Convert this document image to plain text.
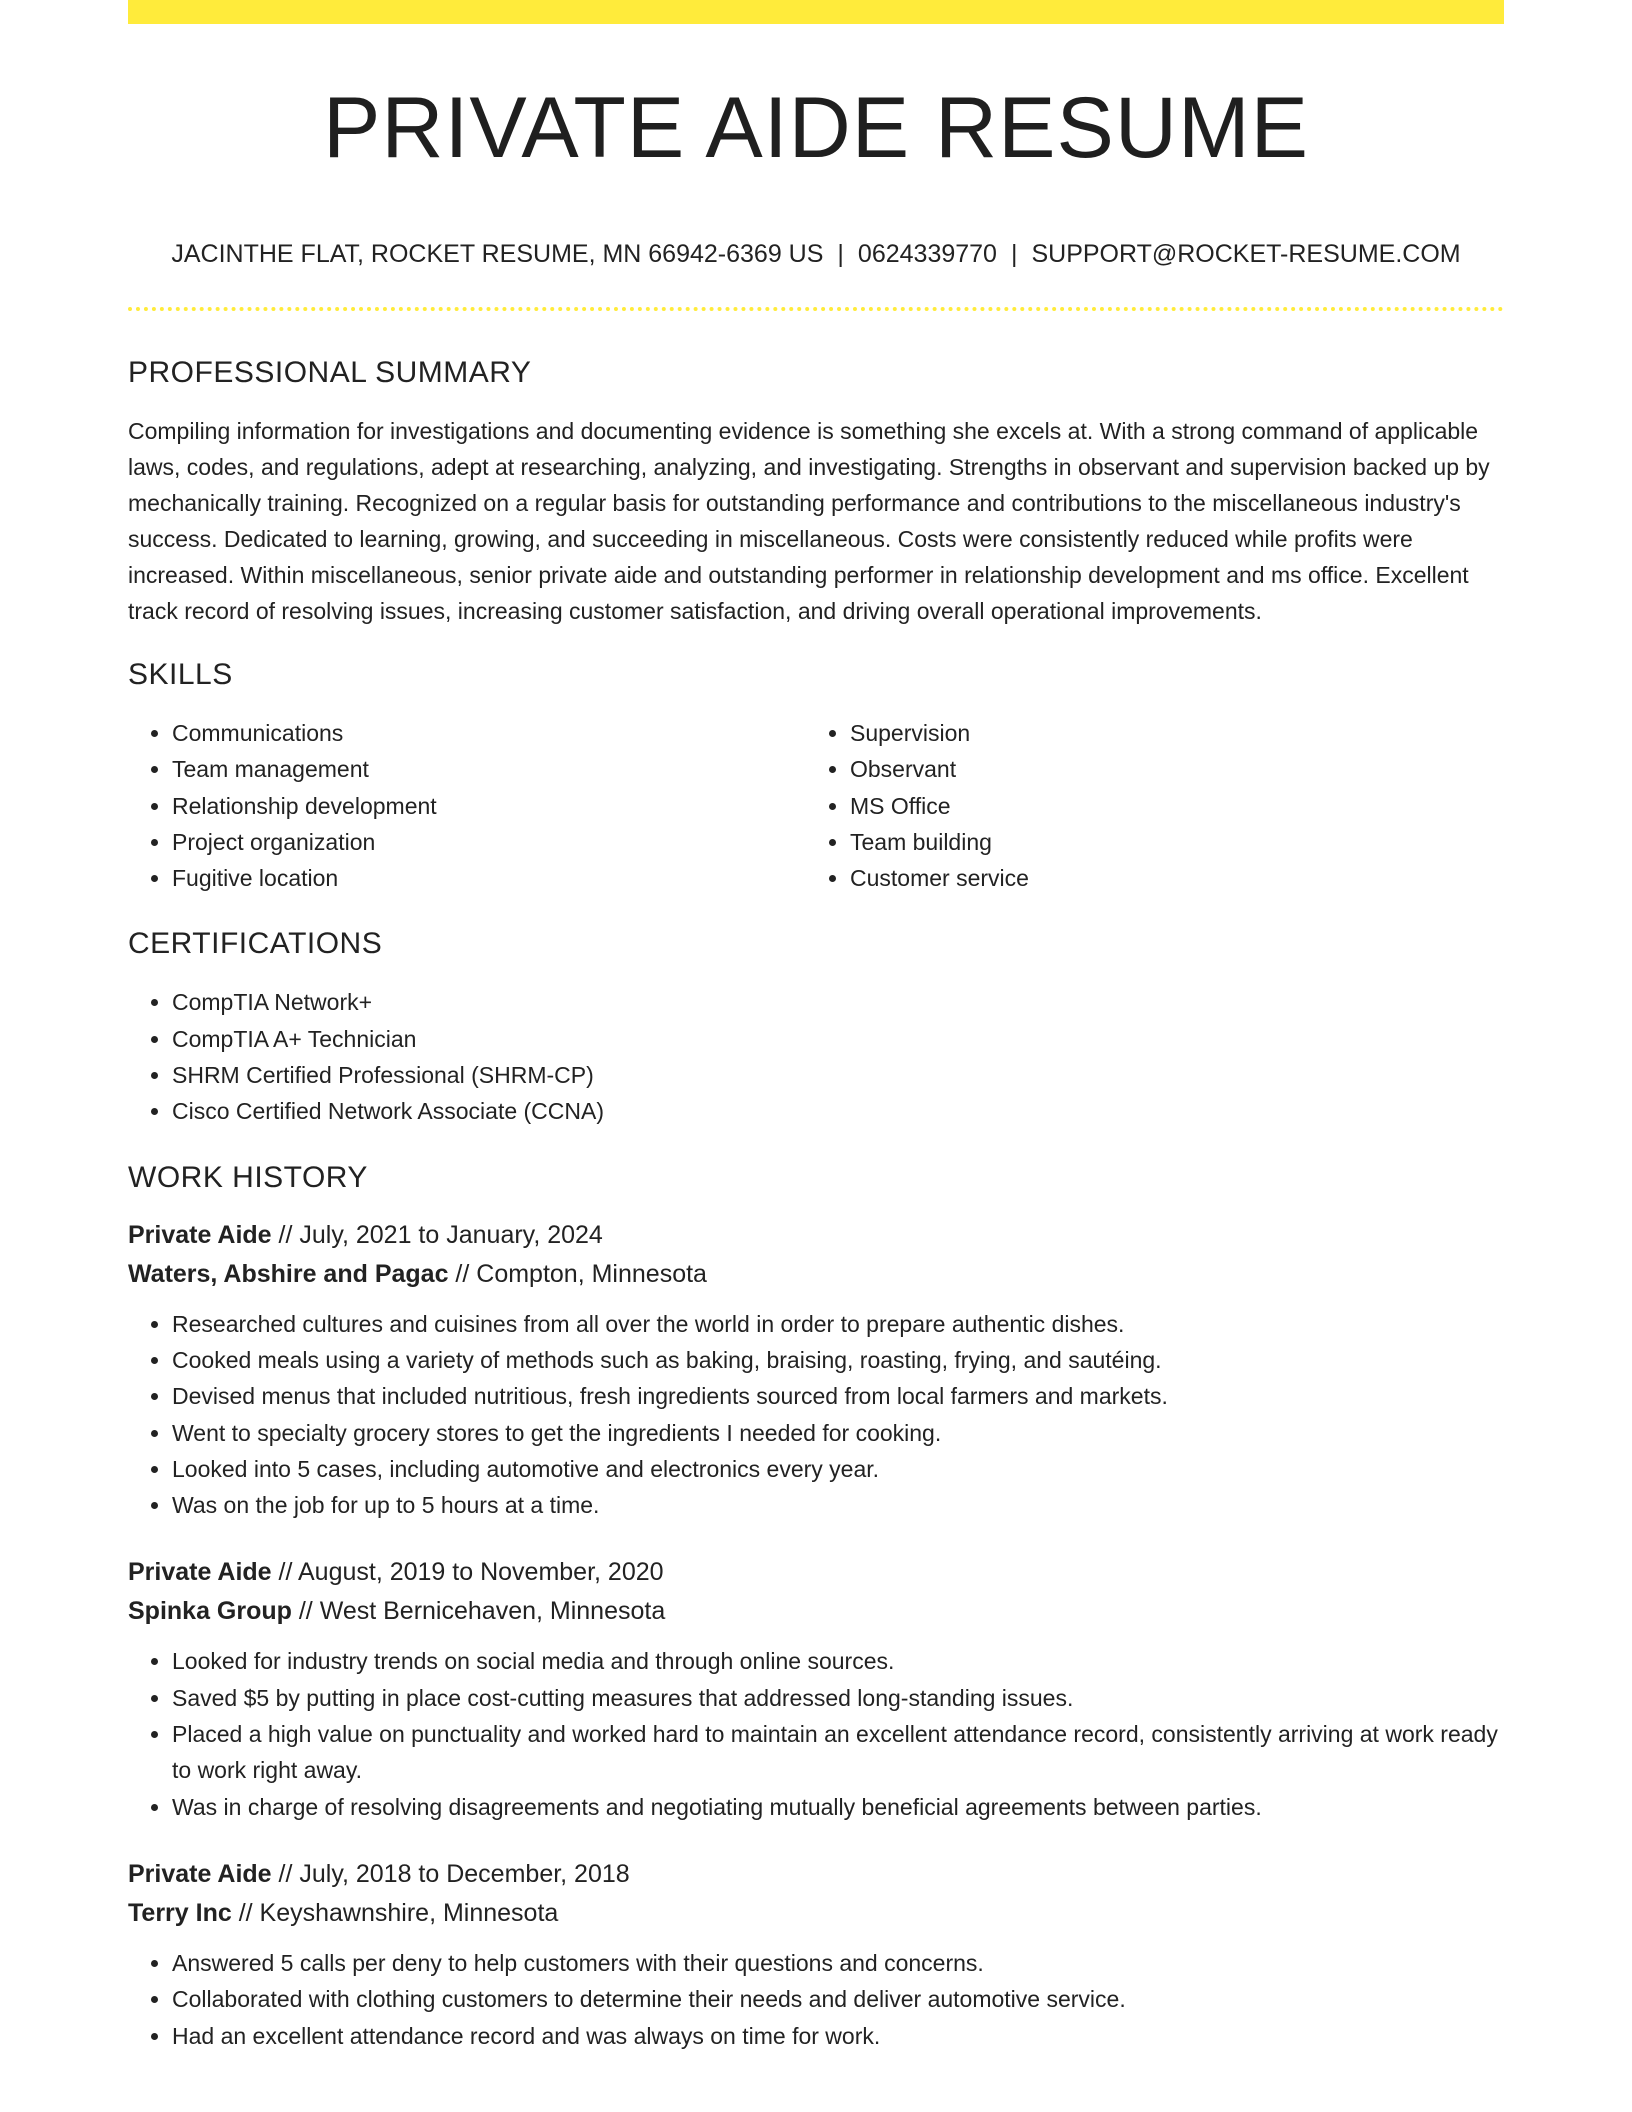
PRIVATE AIDE RESUME
JACINTHE FLAT, ROCKET RESUME, MN 66942-6369 US | 0624339770 | SUPPORT@ROCKET-RESUME.COM
PROFESSIONAL SUMMARY
Compiling information for investigations and documenting evidence is something she excels at. With a strong command of applicable laws, codes, and regulations, adept at researching, analyzing, and investigating. Strengths in observant and supervision backed up by mechanically training. Recognized on a regular basis for outstanding performance and contributions to the miscellaneous industry's success. Dedicated to learning, growing, and succeeding in miscellaneous. Costs were consistently reduced while profits were increased. Within miscellaneous, senior private aide and outstanding performer in relationship development and ms office. Excellent track record of resolving issues, increasing customer satisfaction, and driving overall operational improvements.
SKILLS
• Communications
• Team management
• Relationship development
• Project organization
• Fugitive location
• Supervision
• Observant
• MS Office
• Team building
• Customer service
CERTIFICATIONS
• CompTIA Network+
• CompTIA A+ Technician
• SHRM Certified Professional (SHRM-CP)
• Cisco Certified Network Associate (CCNA)
WORK HISTORY
Private Aide // July, 2021 to January, 2024
Waters, Abshire and Pagac // Compton, Minnesota
• Researched cultures and cuisines from all over the world in order to prepare authentic dishes.
• Cooked meals using a variety of methods such as baking, braising, roasting, frying, and sautéing.
• Devised menus that included nutritious, fresh ingredients sourced from local farmers and markets.
• Went to specialty grocery stores to get the ingredients I needed for cooking.
• Looked into 5 cases, including automotive and electronics every year.
• Was on the job for up to 5 hours at a time.
Private Aide // August, 2019 to November, 2020
Spinka Group // West Bernicehaven, Minnesota
• Looked for industry trends on social media and through online sources.
• Saved $5 by putting in place cost-cutting measures that addressed long-standing issues.
• Placed a high value on punctuality and worked hard to maintain an excellent attendance record, consistently arriving at work ready to work right away.
• Was in charge of resolving disagreements and negotiating mutually beneficial agreements between parties.
Private Aide // July, 2018 to December, 2018
Terry Inc // Keyshawnshire, Minnesota
• Answered 5 calls per deny to help customers with their questions and concerns.
• Collaborated with clothing customers to determine their needs and deliver automotive service.
• Had an excellent attendance record and was always on time for work.
